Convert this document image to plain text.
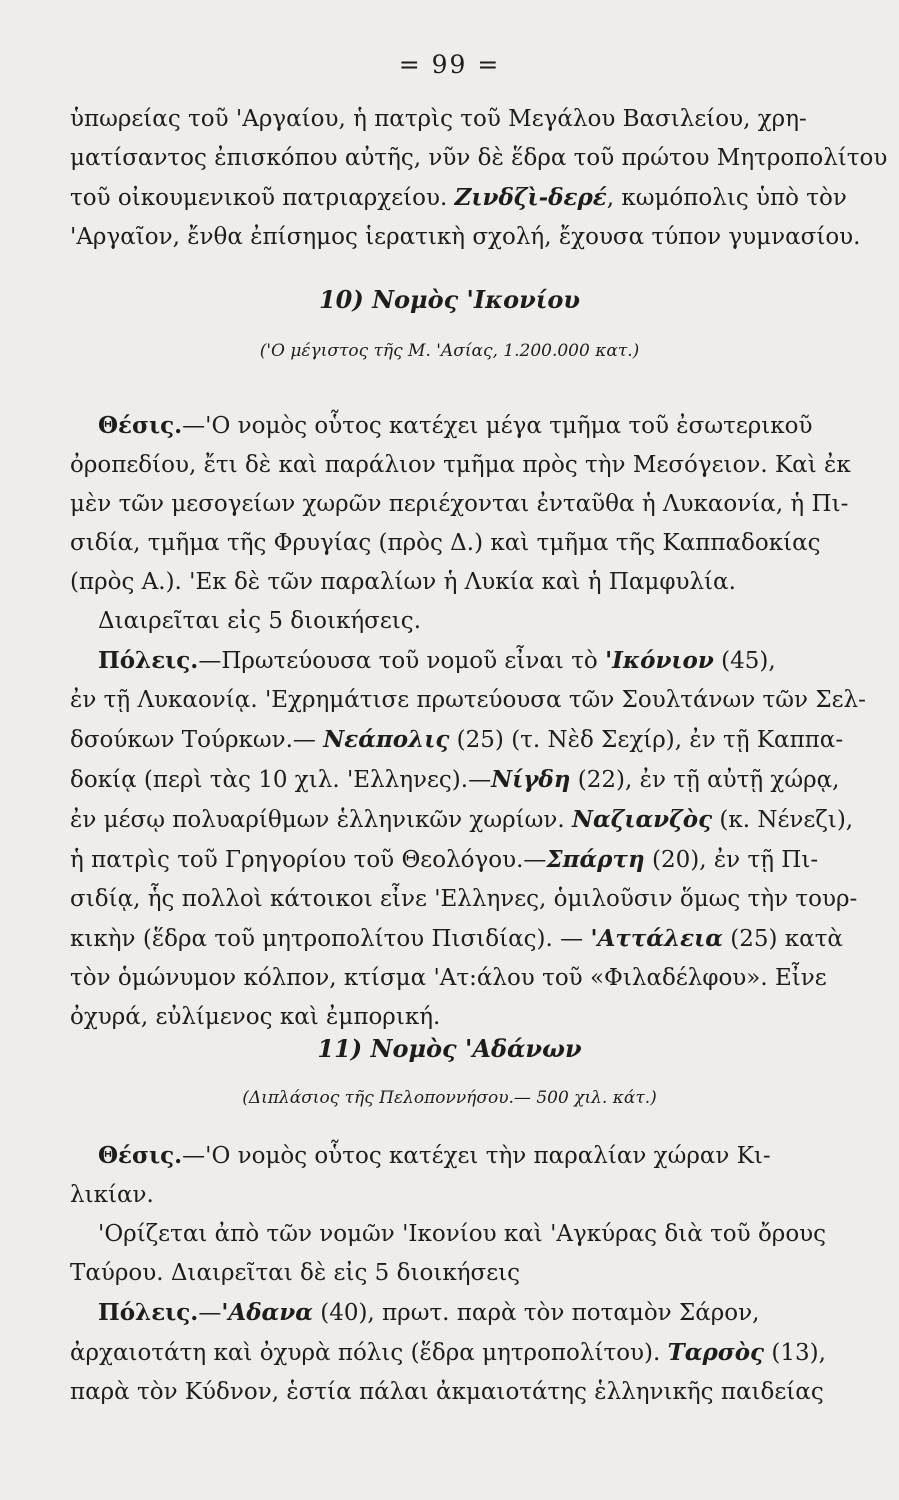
= 99 =
ὑπωρείας τοῦ 'Αργαίου, ἡ πατρὶς τοῦ Μεγάλου Βασιλείου, χρη-
ματίσαντος ἐπισκόπου αὐτῆς, νῦν δὲ ἕδρα τοῦ πρώτου Μητροπολίτου
τοῦ οἰκουμενικοῦ πατριαρχείου. Ζινδζὶ-δερέ, κωμόπολις ὑπὸ τὸν
'Αργαῖον, ἔνθα ἐπίσημος ἱερατικὴ σχολή, ἔχουσα τύπον γυμνασίου.
10) Νομὸς 'Ικονίου
('Ο μέγιστος τῆς Μ. 'Ασίας, 1.200.000 κατ.)
Θέσις.—'Ο νομὸς οὗτος κατέχει μέγα τμῆμα τοῦ ἐσωτερικοῦ
ὀροπεδίου, ἔτι δὲ καὶ παράλιον τμῆμα πρὸς τὴν Μεσόγειον. Καὶ ἐκ
μὲν τῶν μεσογείων χωρῶν περιέχονται ἐνταῦθα ἡ Λυκαονία, ἡ Πι-
σιδία, τμῆμα τῆς Φρυγίας (πρὸς Δ.) καὶ τμῆμα τῆς Καππαδοκίας
(πρὸς Α.). 'Εκ δὲ τῶν παραλίων ἡ Λυκία καὶ ἡ Παμφυλία.
Διαιρεῖται εἰς 5 διοικήσεις.
Πόλεις.—Πρωτεύουσα τοῦ νομοῦ εἶναι τὸ 'Ικόνιον (45),
ἐν τῇ Λυκαονίᾳ. 'Εχρημάτισε πρωτεύουσα τῶν Σουλτάνων τῶν Σελ-
δσούκων Τούρκων.— Νεάπολις (25) (τ. Νὲδ Σεχίρ), ἐν τῇ Καππα-
δοκίᾳ (περὶ τὰς 10 χιλ. 'Ελληνες).—Νίγδη (22), ἐν τῇ αὐτῇ χώρᾳ,
ἐν μέσῳ πολυαρίθμων ἑλληνικῶν χωρίων. Ναζιανζὸς (κ. Νένεζι),
ἡ πατρὶς τοῦ Γρηγορίου τοῦ Θεολόγου.—Σπάρτη (20), ἐν τῇ Πι-
σιδίᾳ, ἧς πολλοὶ κάτοικοι εἶνε 'Ελληνες, ὁμιλοῦσιν ὅμως τὴν τουρ-
κικὴν (ἕδρα τοῦ μητροπολίτου Πισιδίας). — 'Αττάλεια (25) κατὰ
τὸν ὁμώνυμον κόλπον, κτίσμα 'Ατ:άλου τοῦ «Φιλαδέλφου». Εἶνε
ὀχυρά, εὐλίμενος καὶ ἐμπορική.
11) Νομὸς 'Αδάνων
(Διπλάσιος τῆς Πελοποννήσου.— 500 χιλ. κάτ.)
Θέσις.—'Ο νομὸς οὗτος κατέχει τὴν παραλίαν χώραν Κι-
λικίαν.
'Ορίζεται ἀπὸ τῶν νομῶν 'Ικονίου καὶ 'Αγκύρας διὰ τοῦ ὄρους
Ταύρου. Διαιρεῖται δὲ εἰς 5 διοικήσεις
Πόλεις.—'Αδανα (40), πρωτ. παρὰ τὸν ποταμὸν Σάρον,
ἀρχαιοτάτη καὶ ὀχυρὰ πόλις (ἕδρα μητροπολίτου). Ταρσὸς (13),
παρὰ τὸν Κύδνον, ἑστία πάλαι ἀκμαιοτάτης ἑλληνικῆς παιδείας
